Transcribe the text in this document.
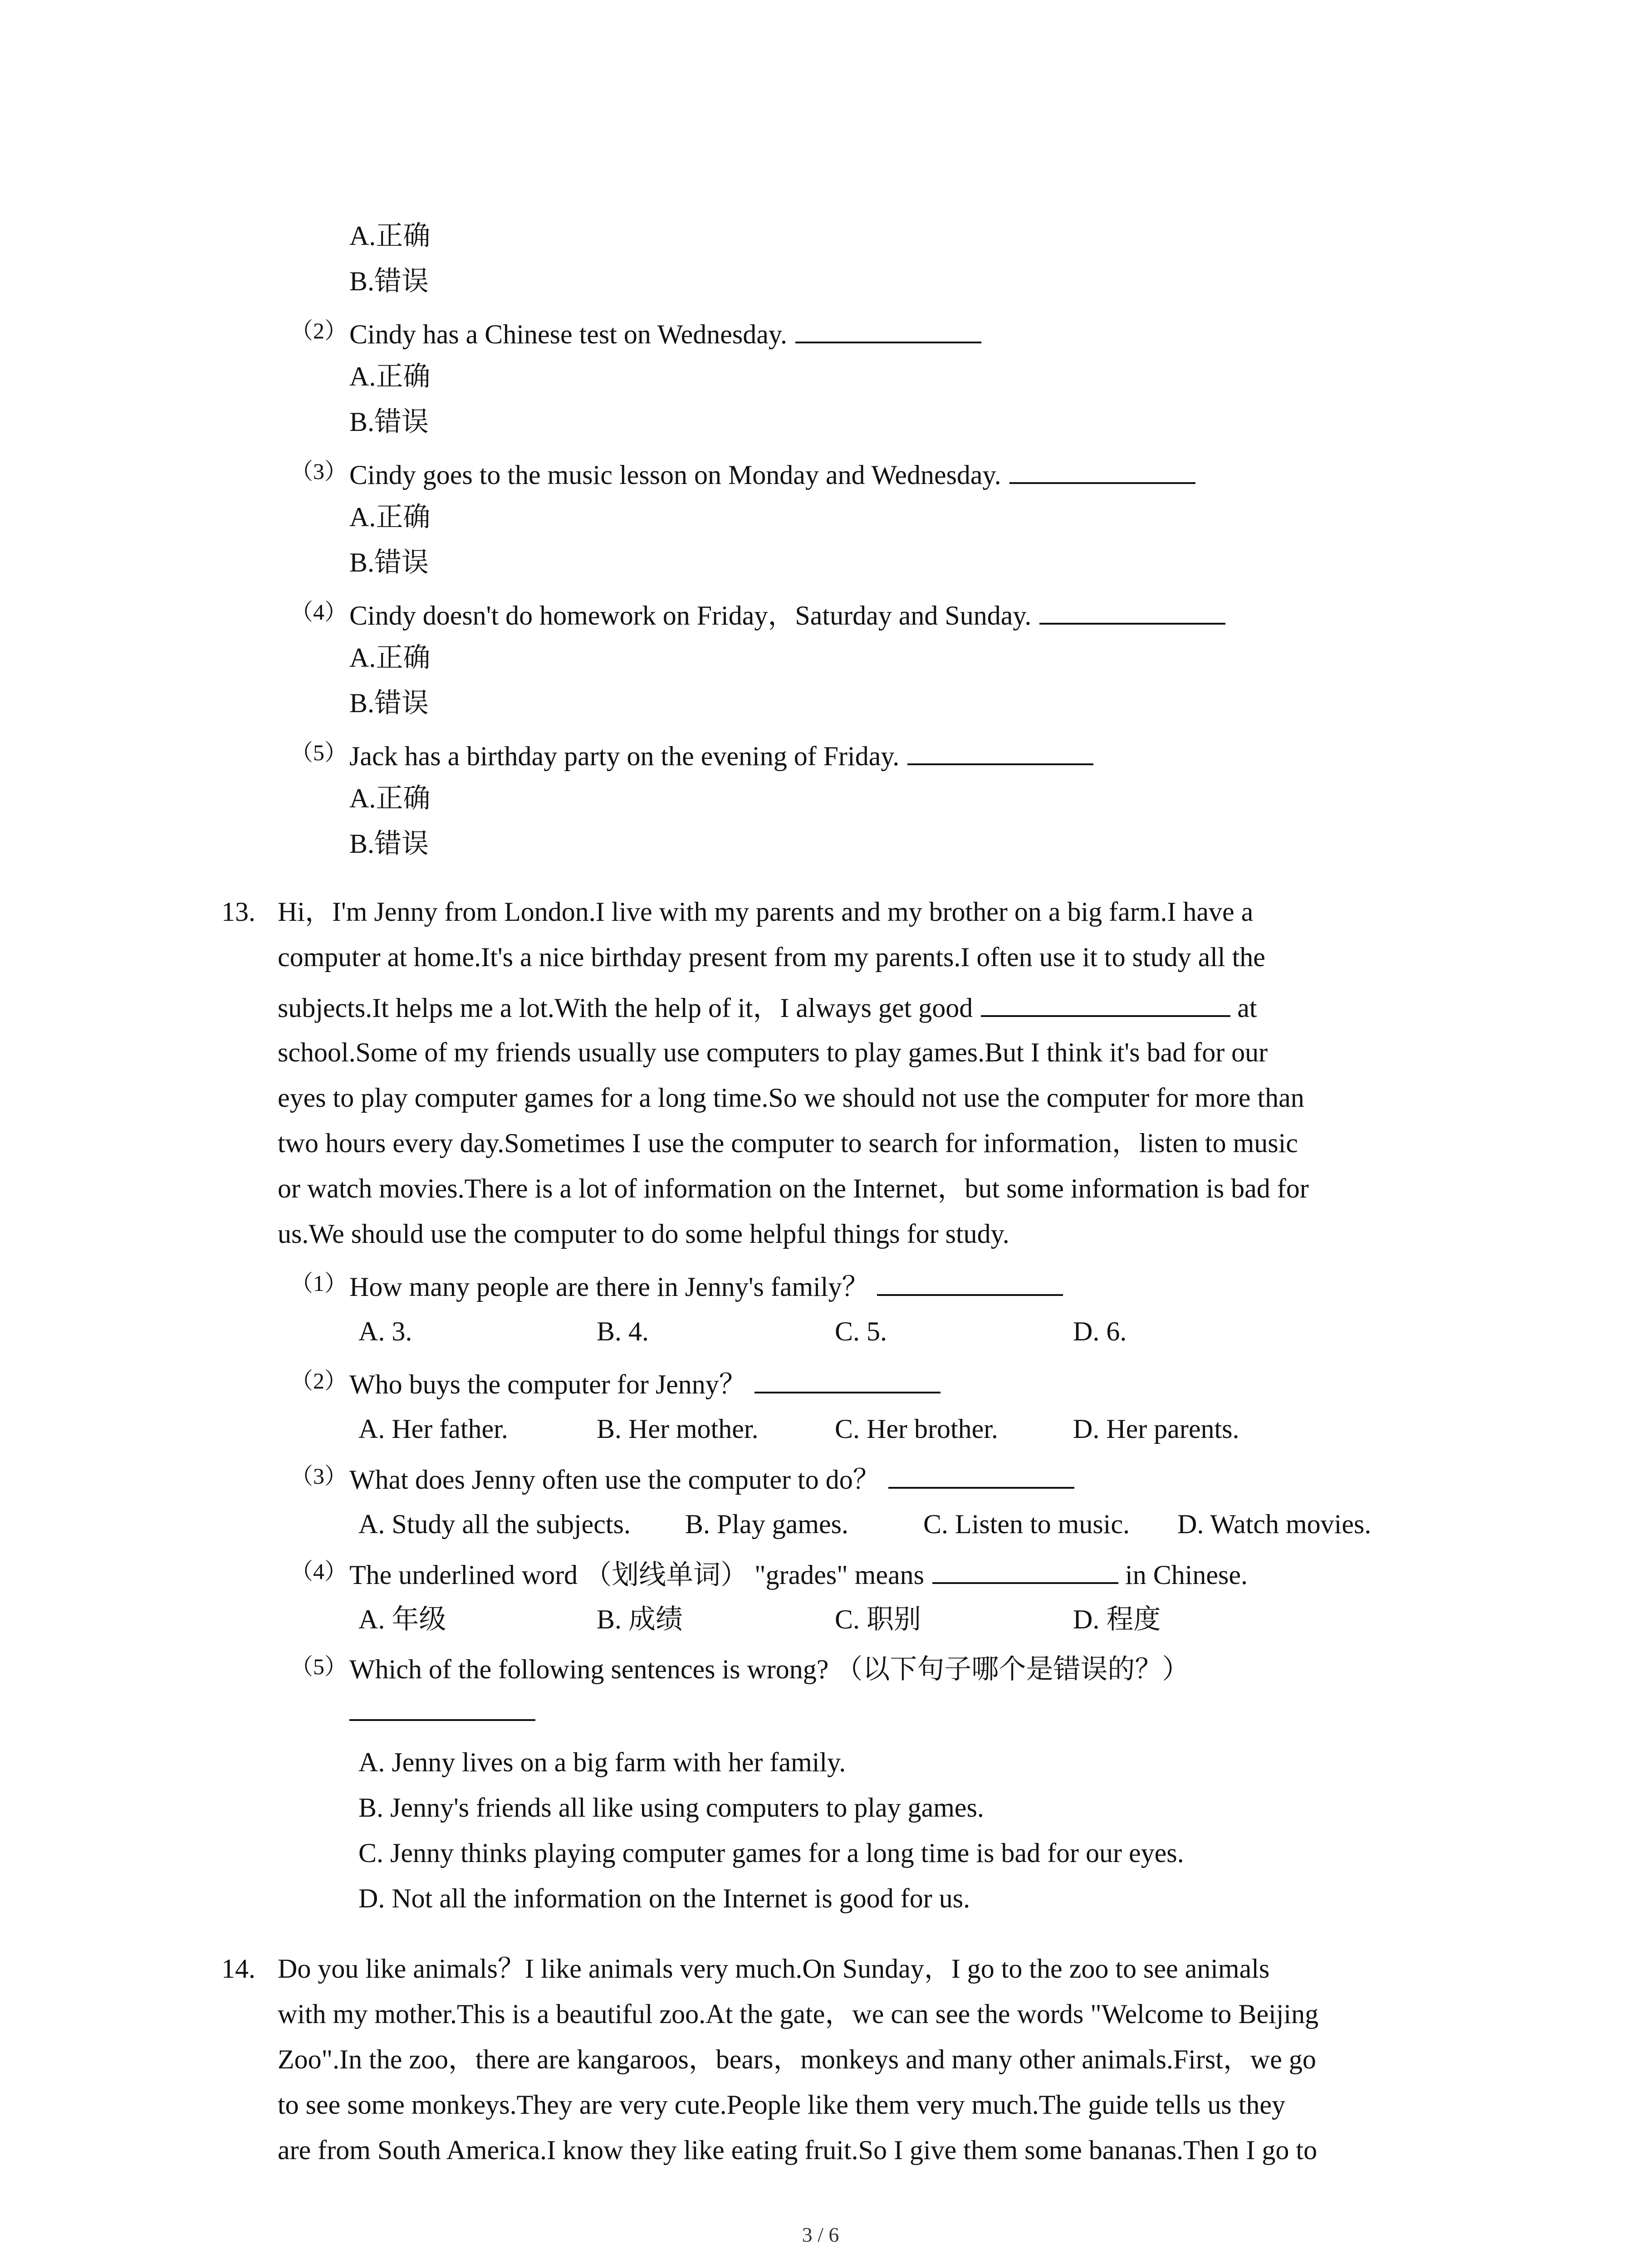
A.正确
B.错误
（2） Cindy has a Chinese test on Wednesday.
A.正确
B.错误
（3） Cindy goes to the music lesson on Monday and Wednesday.
A.正确
B.错误
（4） Cindy doesn't do homework on Friday，Saturday and Sunday.
A.正确
B.错误
（5） Jack has a birthday party on the evening of Friday.
A.正确
B.错误
13. Hi，I'm Jenny from London.I live with my parents and my brother on a big farm.I have a
computer at home.It's a nice birthday present from my parents.I often use it to study all the
subjects.It helps me a lot.With the help of it，I always get good	at
school.Some of my friends usually use computers to play games.But I think it's bad for our
eyes to play computer games for a long time.So we should not use the computer for more than
two hours every day.Sometimes I use the computer to search for information，listen to music
or watch movies.There is a lot of information on the Internet，but some information is bad for
us.We should use the computer to do some helpful things for study.
（1） How many people are there in Jenny's family？
A. 3.	B. 4.	C. 5.	D. 6.
（2） Who buys the computer for Jenny？
A. Her father.	B. Her mother.	C. Her brother.	D. Her parents.
（3） What does Jenny often use the computer to do？
A. Study all the subjects. B. Play games.	C. Listen to music. D. Watch movies.
（4） The underlined word （划线单词） "grades" means	in Chinese.
A. 年级	B. 成绩	C. 职别	D. 程度
（5） Which of the following sentences is wrong? （以下句子哪个是错误的？）
A. Jenny lives on a big farm with her family.
B. Jenny's friends all like using computers to play games.
C. Jenny thinks playing computer games for a long time is bad for our eyes.
D. Not all the information on the Internet is good for us.
14. Do you like animals？I like animals very much.On Sunday，I go to the zoo to see animals
with my mother.This is a beautiful zoo.At the gate，we can see the words "Welcome to Beijing
Zoo".In the zoo，there are kangaroos，bears，monkeys and many other animals.First，we go
to see some monkeys.They are very cute.People like them very much.The guide tells us they
are from South America.I know they like eating fruit.So I give them some bananas.Then I go to
3 / 6
